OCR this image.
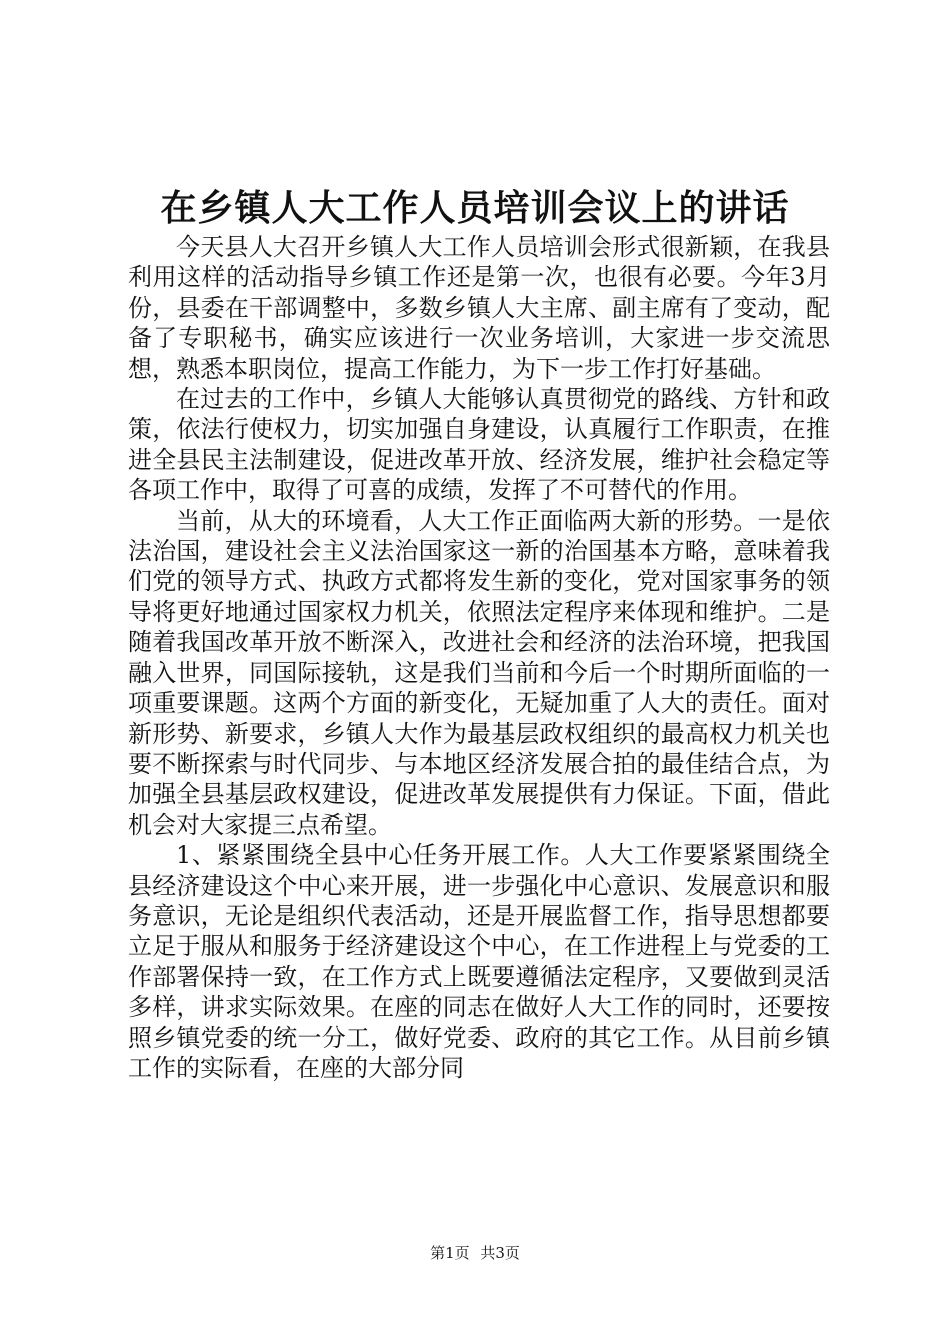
在乡镇人大工作人员培训会议上的讲话

今天县人大召开乡镇人大工作人员培训会形式很新颖，在我县利用这样的活动指导乡镇工作还是第一次，也很有必要。今年3月份，县委在干部调整中，多数乡镇人大主席、副主席有了变动，配备了专职秘书，确实应该进行一次业务培训，大家进一步交流思想，熟悉本职岗位，提高工作能力，为下一步工作打好基础。

在过去的工作中，乡镇人大能够认真贯彻党的路线、方针和政策，依法行使权力，切实加强自身建设，认真履行工作职责，在推进全县民主法制建设，促进改革开放、经济发展，维护社会稳定等各项工作中，取得了可喜的成绩，发挥了不可替代的作用。

当前，从大的环境看，人大工作正面临两大新的形势。一是依法治国，建设社会主义法治国家这一新的治国基本方略，意味着我们党的领导方式、执政方式都将发生新的变化，党对国家事务的领导将更好地通过国家权力机关，依照法定程序来体现和维护。二是随着我国改革开放不断深入，改进社会和经济的法治环境，把我国融入世界，同国际接轨，这是我们当前和今后一个时期所面临的一项重要课题。这两个方面的新变化，无疑加重了人大的责任。面对新形势、新要求，乡镇人大作为最基层政权组织的最高权力机关也要不断探索与时代同步、与本地区经济发展合拍的最佳结合点，为加强全县基层政权建设，促进改革发展提供有力保证。下面，借此机会对大家提三点希望。

1、紧紧围绕全县中心任务开展工作。人大工作要紧紧围绕全县经济建设这个中心来开展，进一步强化中心意识、发展意识和服务意识，无论是组织代表活动，还是开展监督工作，指导思想都要立足于服从和服务于经济建设这个中心，在工作进程上与党委的工作部署保持一致，在工作方式上既要遵循法定程序，又要做到灵活多样，讲求实际效果。在座的同志在做好人大工作的同时，还要按照乡镇党委的统一分工，做好党委、政府的其它工作。从目前乡镇工作的实际看，在座的大部分同

第1页 共3页
